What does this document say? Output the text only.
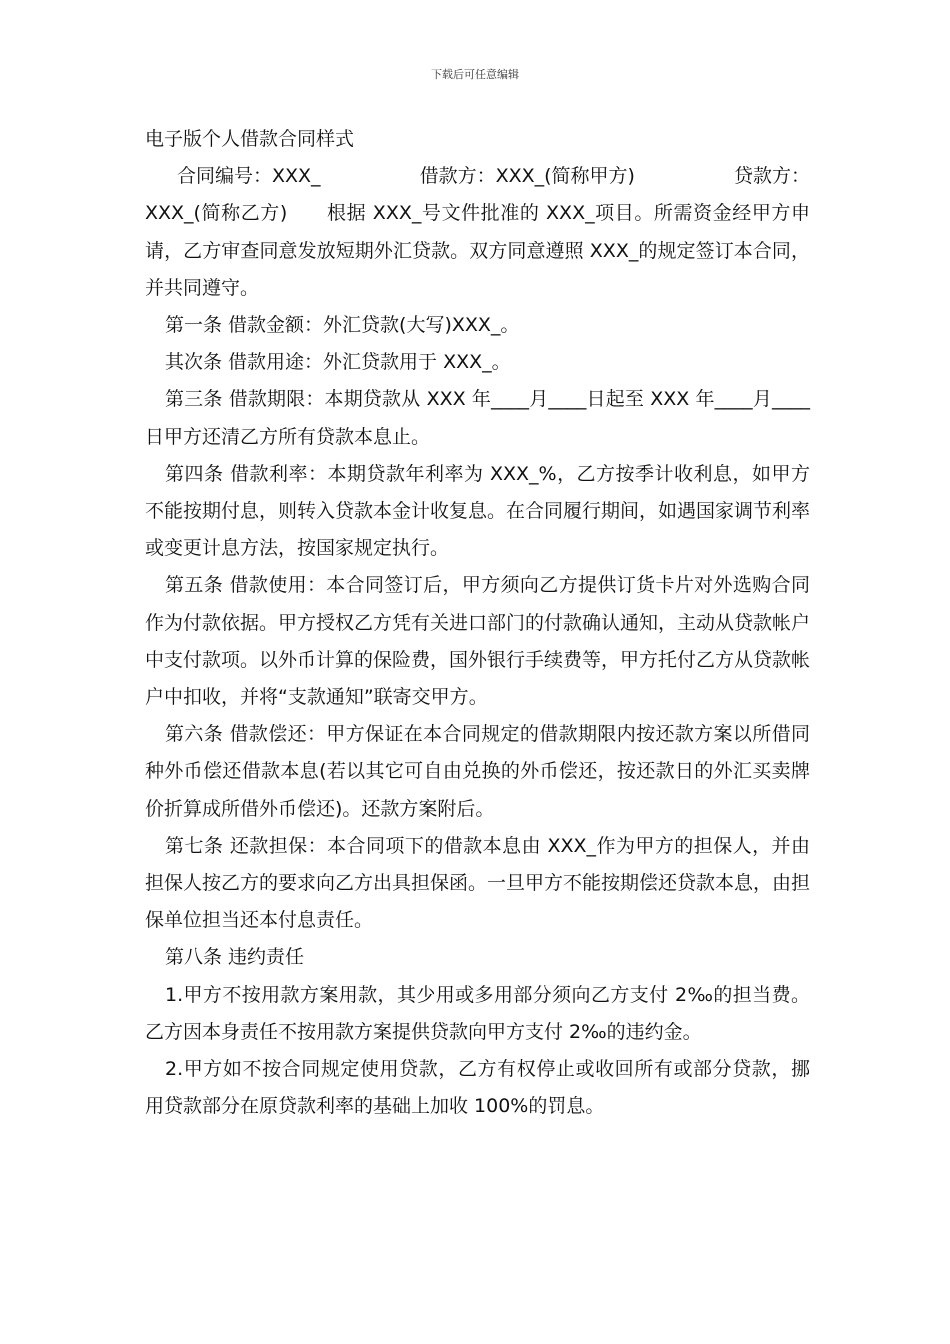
下载后可任意编辑
电子版个人借款合同样式
合同编号：XXX_	借款方：XXX_(简称甲方)	贷款方：

XXX_(简称乙方)　　根据 XXX_号文件批准的 XXX_项目。所需资金经甲方申请，乙方审查同意发放短期外汇贷款。双方同意遵照 XXX_的规定签订本合同，并共同遵守。

第一条 借款金额：外汇贷款(大写)XXX_。

其次条 借款用途：外汇贷款用于 XXX_。

第三条 借款期限：本期贷款从 XXX 年____月____日起至 XXX 年____月____日甲方还清乙方所有贷款本息止。

第四条 借款利率：本期贷款年利率为 XXX_%，乙方按季计收利息，如甲方不能按期付息，则转入贷款本金计收复息。在合同履行期间，如遇国家调节利率或变更计息方法，按国家规定执行。

第五条 借款使用：本合同签订后，甲方须向乙方提供订货卡片对外选购合同作为付款依据。甲方授权乙方凭有关进口部门的付款确认通知，主动从贷款帐户中支付款项。以外币计算的保险费，国外银行手续费等，甲方托付乙方从贷款帐户中扣收，并将“支款通知”联寄交甲方。

第六条 借款偿还：甲方保证在本合同规定的借款期限内按还款方案以所借同种外币偿还借款本息(若以其它可自由兑换的外币偿还，按还款日的外汇买卖牌价折算成所借外币偿还)。还款方案附后。

第七条 还款担保：本合同项下的借款本息由 XXX_作为甲方的担保人，并由担保人按乙方的要求向乙方出具担保函。一旦甲方不能按期偿还贷款本息，由担保单位担当还本付息责任。

第八条 违约责任

1.甲方不按用款方案用款，其少用或多用部分须向乙方支付 2‰的担当费。乙方因本身责任不按用款方案提供贷款向甲方支付 2‰的违约金。

2.甲方如不按合同规定使用贷款，乙方有权停止或收回所有或部分贷款，挪用贷款部分在原贷款利率的基础上加收 100%的罚息。
